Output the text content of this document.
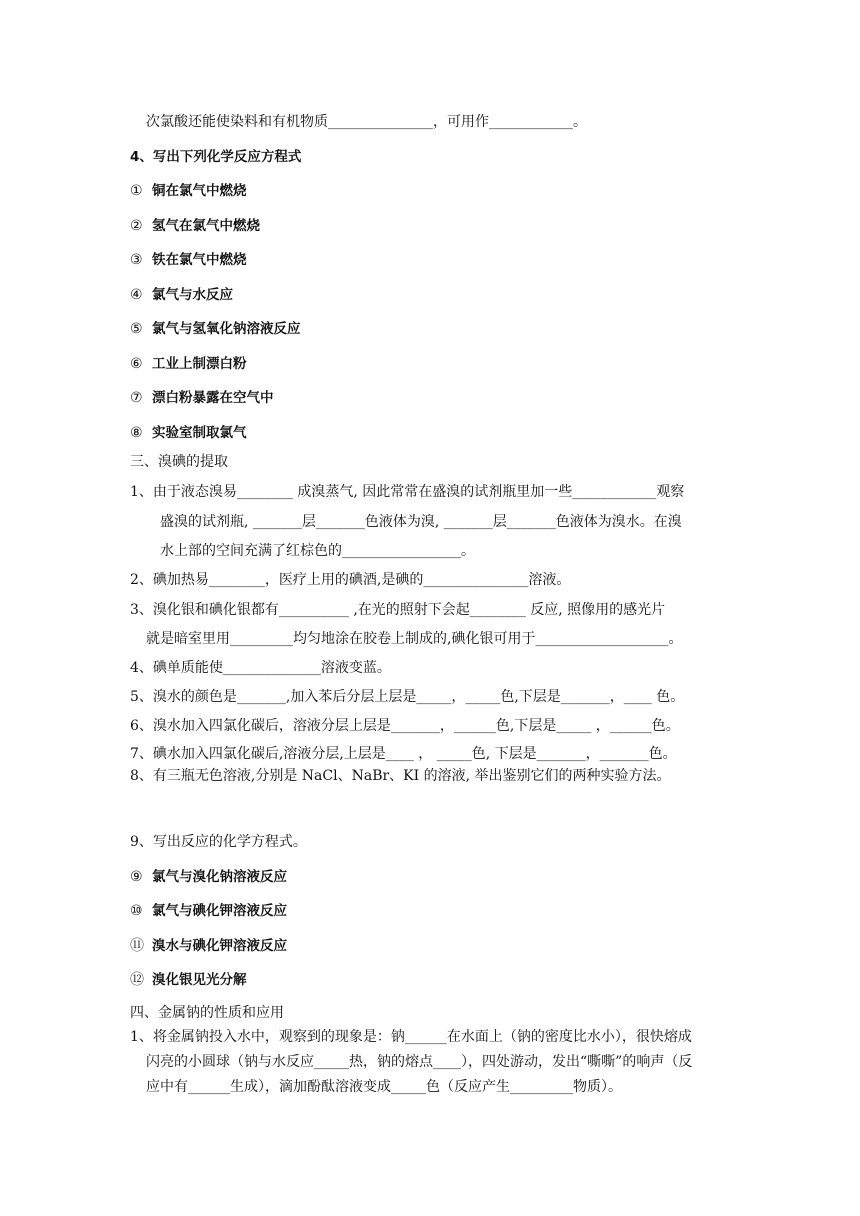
次氯酸还能使染料和有机物质_______________，可用作____________。
4、写出下列化学反应方程式
① 铜在氯气中燃烧
② 氢气在氯气中燃烧
③ 铁在氯气中燃烧
④ 氯气与水反应
⑤ 氯气与氢氧化钠溶液反应
⑥ 工业上制漂白粉
⑦ 漂白粉暴露在空气中
⑧ 实验室制取氯气
三、溴碘的提取
1、由于液态溴易________ 成溴蒸气, 因此常常在盛溴的试剂瓶里加一些____________观察
盛溴的试剂瓶, _______层_______色液体为溴, _______层_______色液体为溴水。在溴
水上部的空间充满了红棕色的_________________。
2、碘加热易________，医疗上用的碘酒,是碘的_______________溶液。
3、溴化银和碘化银都有__________ ,在光的照射下会起________ 反应, 照像用的感光片
就是暗室里用_________均匀地涂在胶卷上制成的,碘化银可用于___________________。
4、碘单质能使______________溶液变蓝。
5、溴水的颜色是_______,加入苯后分层上层是_____，_____色,下层是_______，____ 色。
6、溴水加入四氯化碳后，溶液分层上层是_______，______色,下层是_____ ，______色。
7、碘水加入四氯化碳后,溶液分层,上层是____ ， _____色, 下层是_______，_______色。
8、有三瓶无色溶液,分别是 NaCl、NaBr、KI 的溶液, 举出鉴别它们的两种实验方法。
9、写出反应的化学方程式。
⑨ 氯气与溴化钠溶液反应
⑩ 氯气与碘化钾溶液反应
⑪ 溴水与碘化钾溶液反应
⑫ 溴化银见光分解
四、金属钠的性质和应用
1、将金属钠投入水中，观察到的现象是：钠______在水面上（钠的密度比水小），很快熔成
闪亮的小圆球（钠与水反应_____热，钠的熔点____），四处游动，发出“嘶嘶”的响声（反
应中有______生成），滴加酚酞溶液变成_____色（反应产生_________物质）。
